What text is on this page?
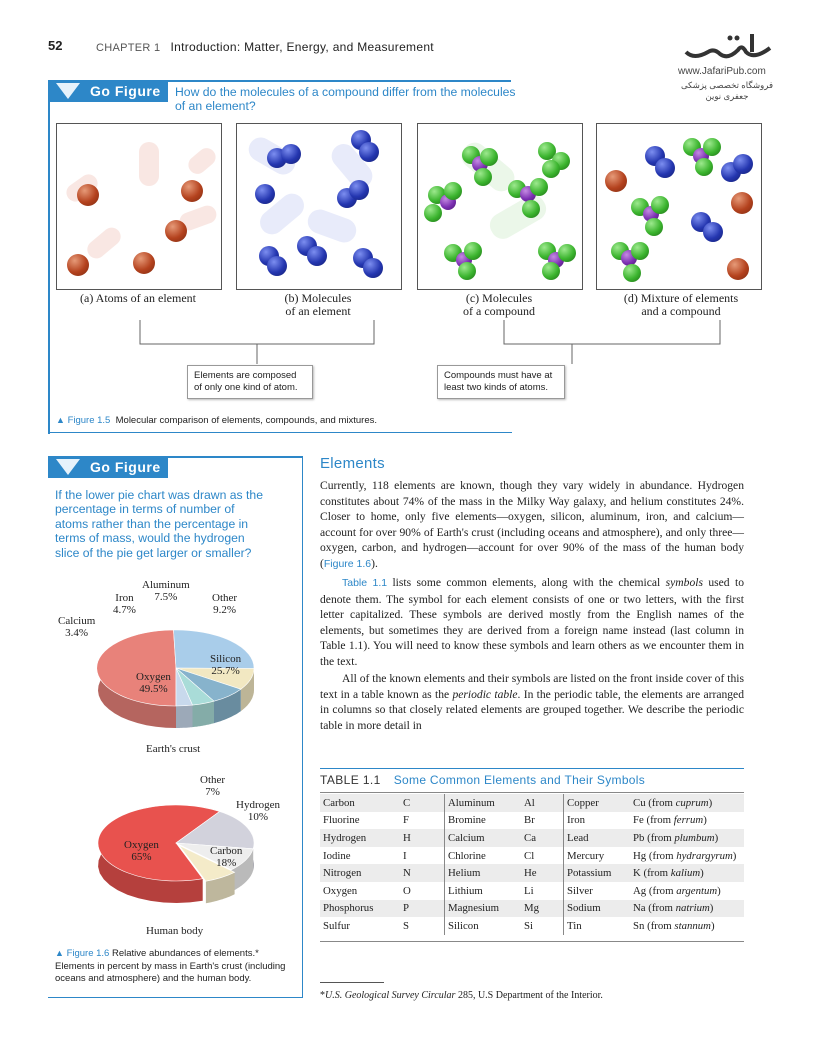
52	CHAPTER 1 Introduction: Matter, Energy, and Measurement
www.JafariPub.com
فروشگاه تخصصی پزشکی جعفری نوین
Go Figure How do the molecules of a compound differ from the molecules of an element?
(a) Atoms of an element	(b) Molecules
of an element
(c) Molecules
of a compound
(d) Mixture of elements
and a compound
Elements are composed of only one kind of atom.
Compounds must have at least two kinds of atoms.
▲ Figure 1.5 Molecular comparison of elements, compounds, and mixtures.
Go Figure
If the lower pie chart was drawn as the percentage in terms of number of atoms rather than the percentage in terms of mass, would the hydrogen slice of the pie get larger or smaller?
Aluminum
7.5%
Iron
4.7%
Other
9.2%
Calcium
3.4%
Silicon
25.7%
Oxygen
49.5%
Earth's crust
Other
7%
Hydrogen
10%
Oxygen
65%	Carbon
18%
Human body
▲ Figure 1.6 Relative abundances of elements.* Elements in percent by mass in Earth's crust (including oceans and atmosphere) and the human body.
Elements
Currently, 118 elements are known, though they vary widely in abundance. Hydrogen constitutes about 74% of the mass in the Milky Way galaxy, and helium constitutes 24%. Closer to home, only five elements—oxygen, silicon, aluminum, iron, and calcium—account for over 90% of Earth's crust (including oceans and atmosphere), and only three—oxygen, carbon, and hydrogen—account for over 90% of the mass of the human body (Figure 1.6).
Table 1.1 lists some common elements, along with the chemical symbols used to denote them. The symbol for each element consists of one or two letters, with the first letter capitalized. These symbols are derived mostly from the English names of the elements, but sometimes they are derived from a foreign name instead (last column in Table 1.1). You will need to know these symbols and learn others as we encounter them in the text.
All of the known elements and their symbols are listed on the front inside cover of this text in a table known as the periodic table. In the periodic table, the elements are arranged in columns so that closely related elements are grouped together. We describe the periodic table in more detail in
TABLE 1.1 Some Common Elements and Their Symbols
Carbon	C	Aluminum	Al	Copper	Cu (from cuprum)
Fluorine	F	Bromine	Br	Iron	Fe (from ferrum)
Hydrogen	H	Calcium	Ca	Lead	Pb (from plumbum)
Iodine	I	Chlorine	Cl	Mercury	Hg (from hydrargyrum)
Nitrogen	N	Helium	He	Potassium	K (from kalium)
Oxygen	O	Lithium	Li	Silver	Ag (from argentum)
Phosphorus	P	Magnesium	Mg	Sodium	Na (from natrium)
Sulfur	S	Silicon	Si	Tin	Sn (from stannum)
*U.S. Geological Survey Circular 285, U.S Department of the Interior.
